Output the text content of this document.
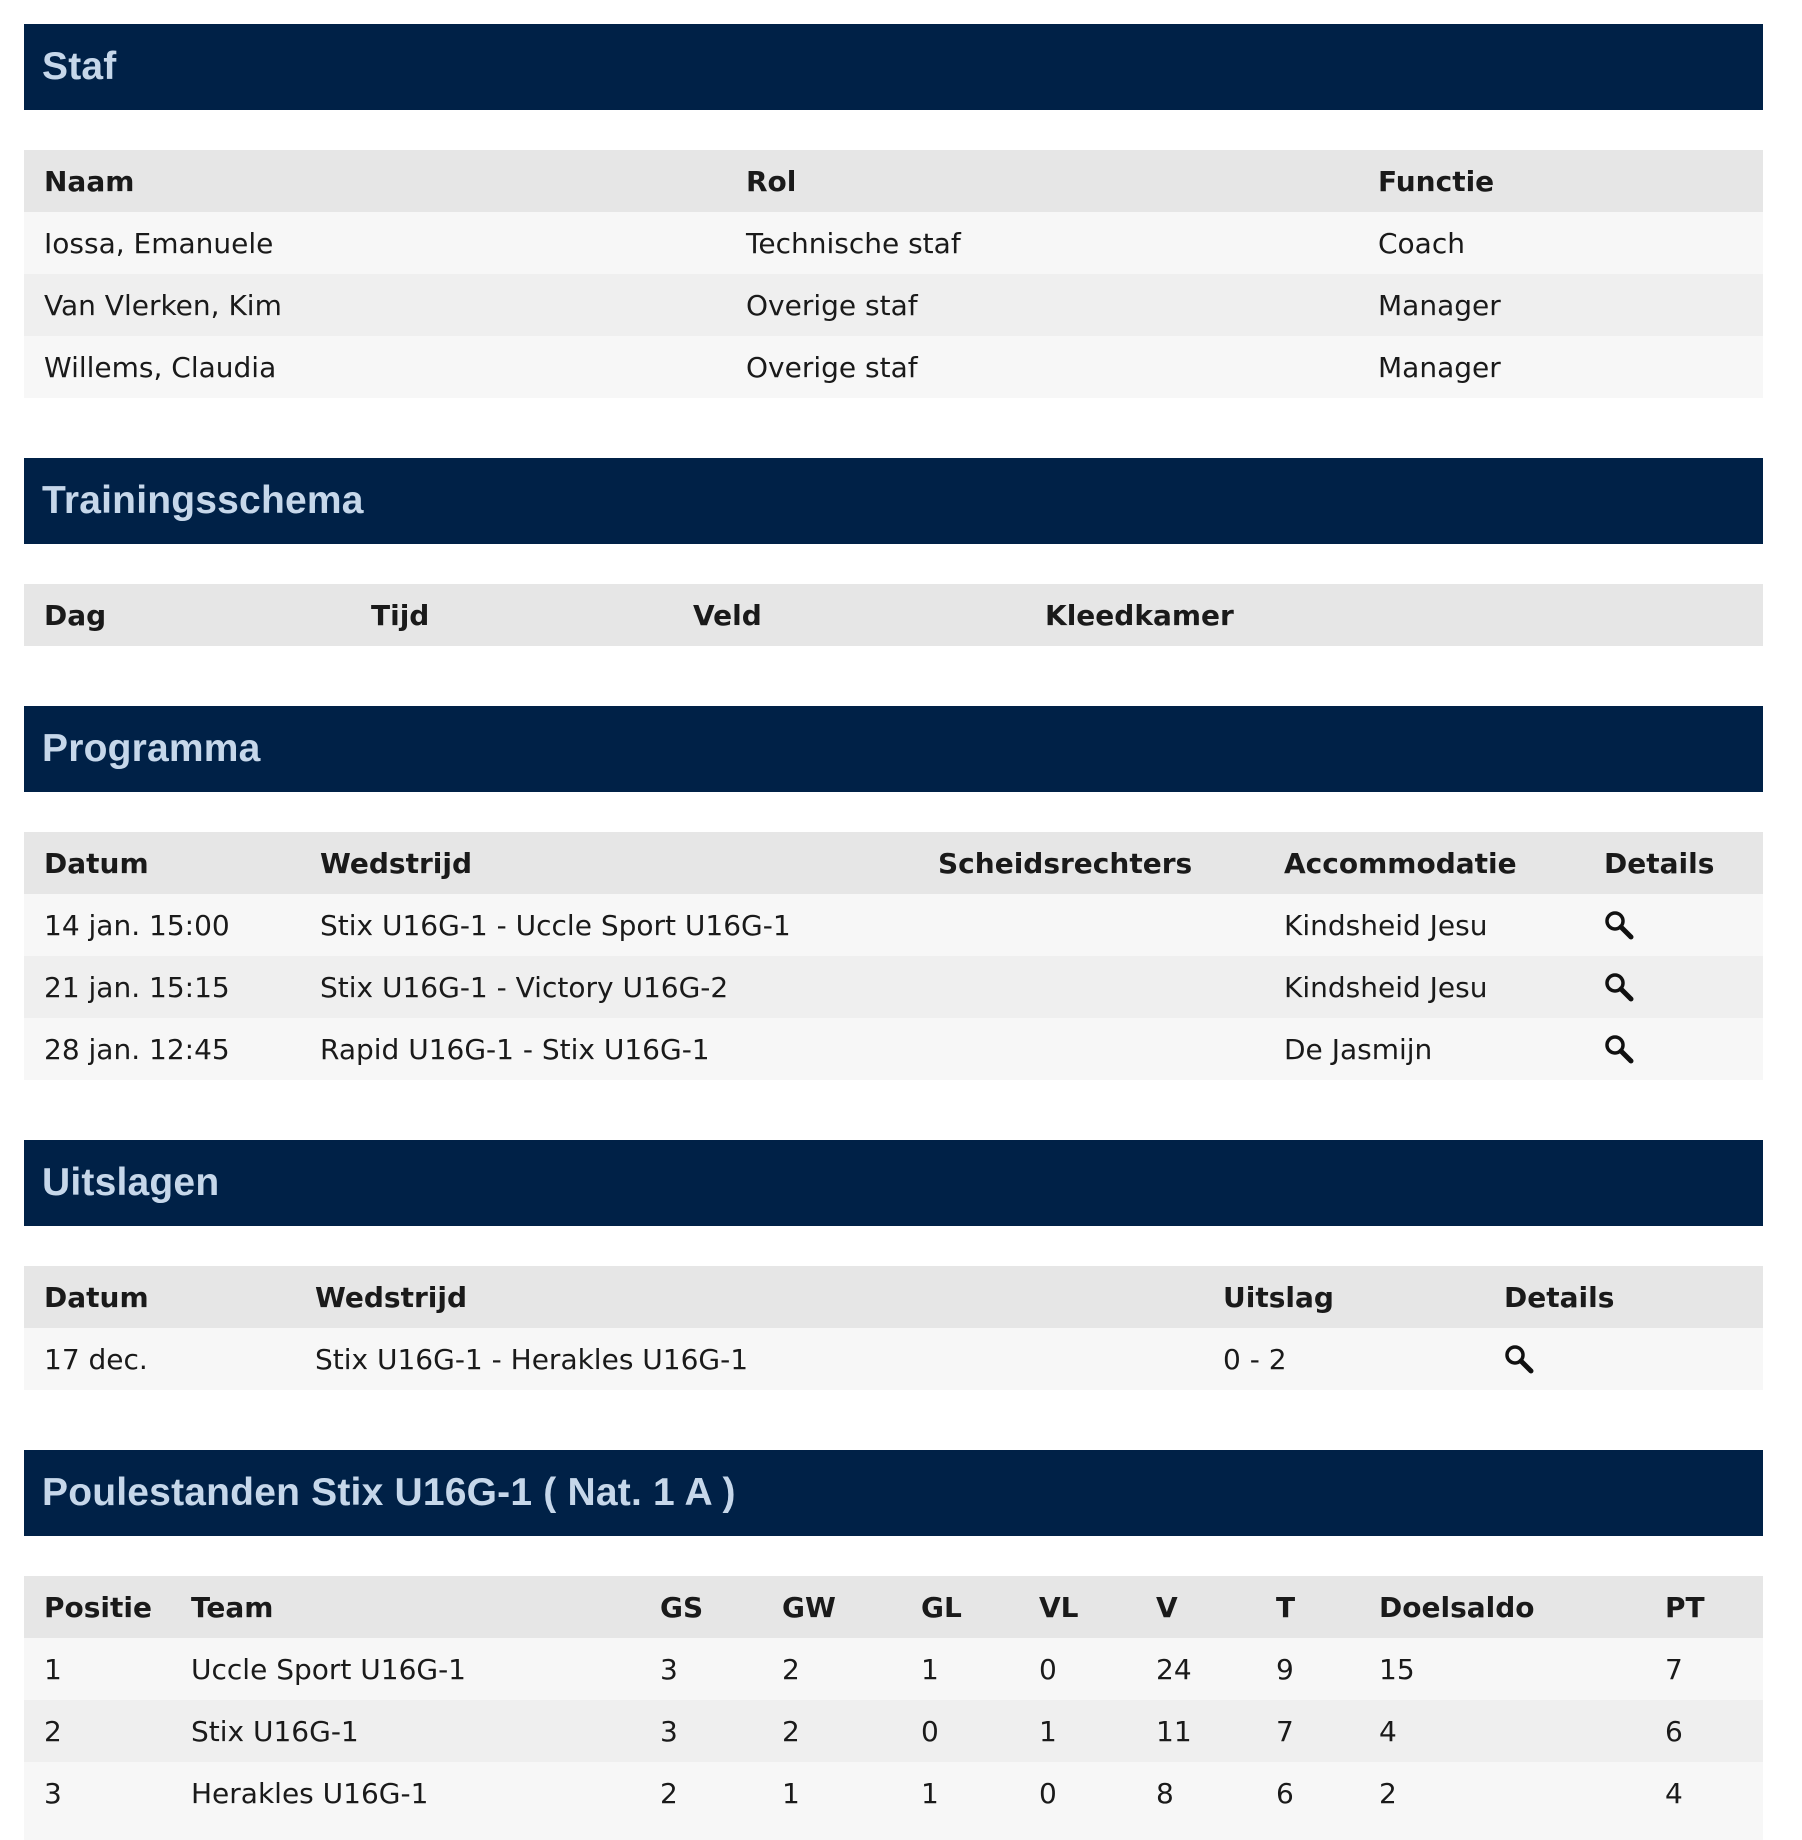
Staf
Naam	Rol	Functie
Iossa, Emanuele	Technische staf	Coach
Van Vlerken, Kim	Overige staf	Manager
Willems, Claudia	Overige staf	Manager
Trainingsschema
Dag	Tijd	Veld	Kleedkamer
Programma
Datum	Wedstrijd	Scheidsrechters	Accommodatie	Details
14 jan. 15:00	Stix U16G-1 - Uccle Sport U16G-1		Kindsheid Jesu	
21 jan. 15:15	Stix U16G-1 - Victory U16G-2		Kindsheid Jesu	
28 jan. 12:45	Rapid U16G-1 - Stix U16G-1		De Jasmijn	
Uitslagen
Datum	Wedstrijd	Uitslag	Details
17 dec.	Stix U16G-1 - Herakles U16G-1	0 - 2	
Poulestanden Stix U16G-1 ( Nat. 1 A )
Positie	Team	GS	GW	GL	VL	V	T	Doelsaldo	PT
1	Uccle Sport U16G-1	3	2	1	0	24	9	15	7
2	Stix U16G-1	3	2	0	1	11	7	4	6
3	Herakles U16G-1	2	1	1	0	8	6	2	4
